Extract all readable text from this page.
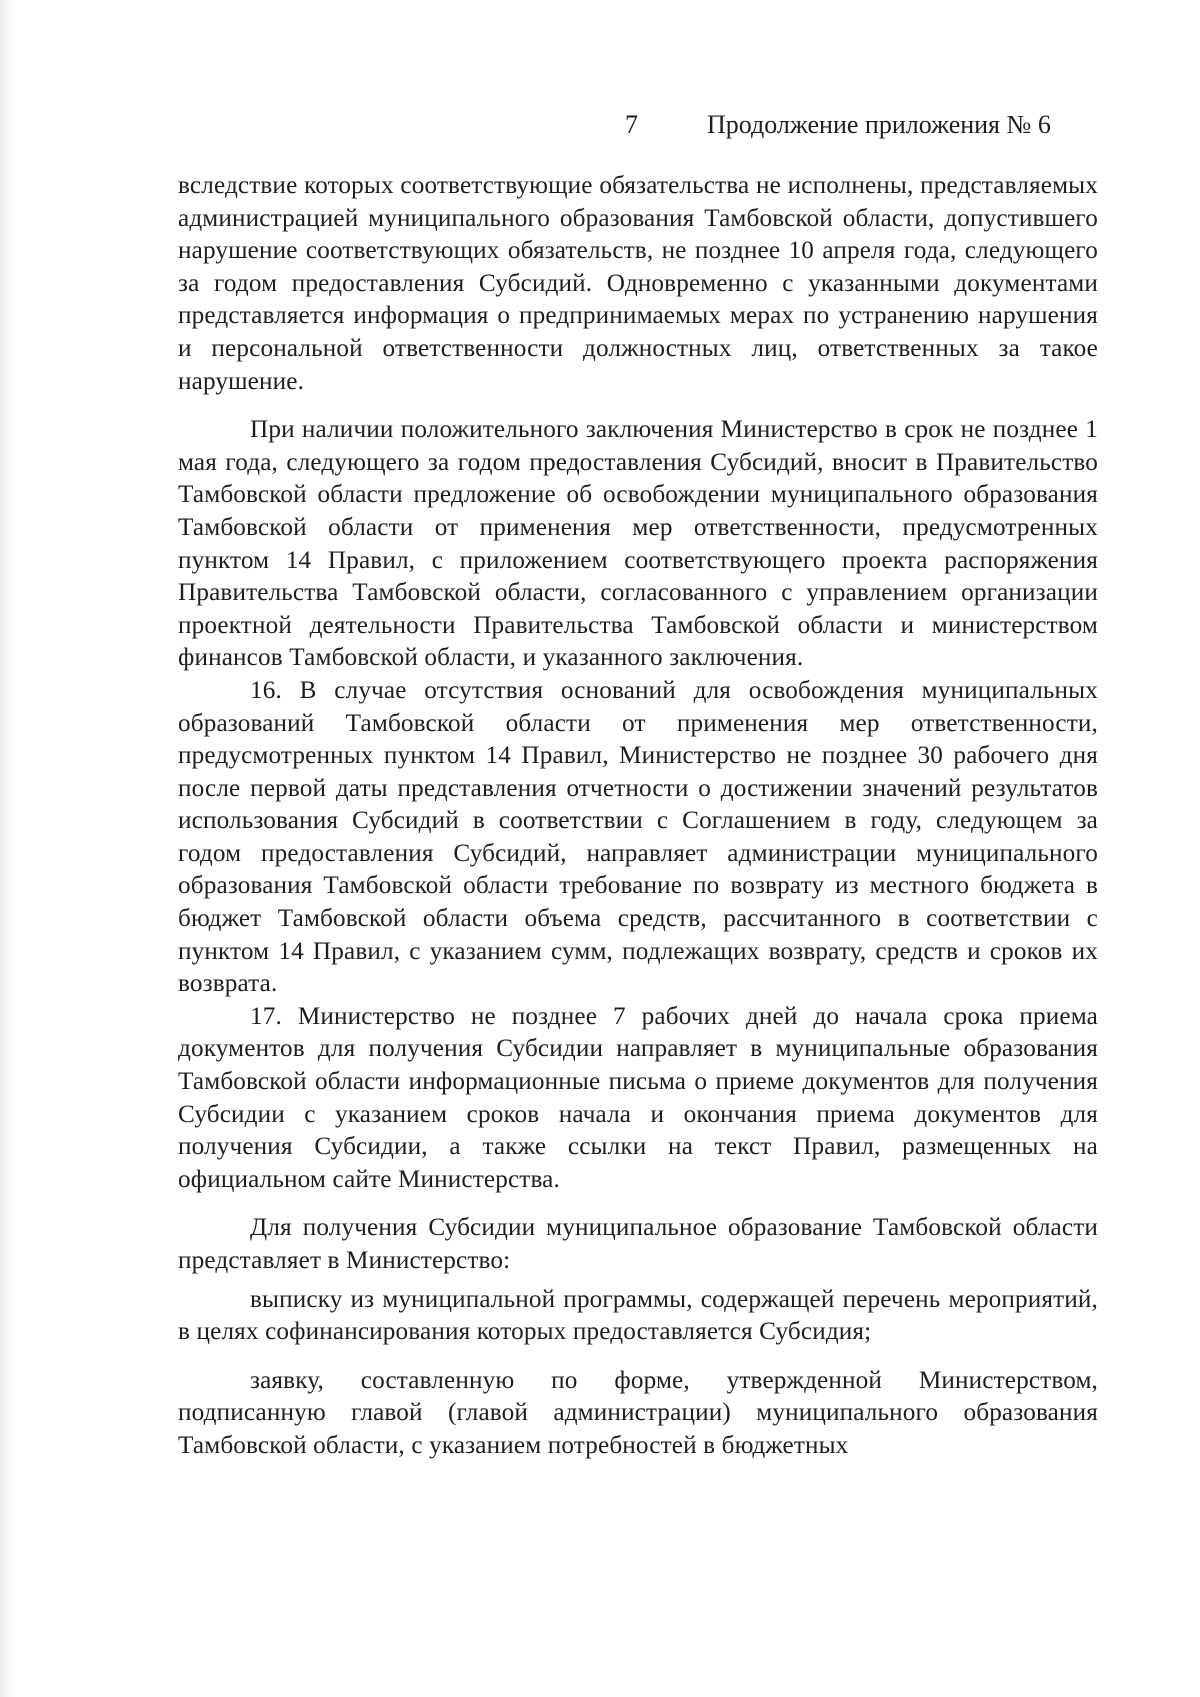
7	Продолжение приложения № 6

вследствие которых соответствующие обязательства не исполнены, представляемых администрацией муниципального образования Тамбовской области, допустившего нарушение соответствующих обязательств, не позднее 10 апреля года, следующего за годом предоставления Субсидий. Одновременно с указанными документами представляется информация о предпринимаемых мерах по устранению нарушения и персональной ответственности должностных лиц, ответственных за такое нарушение.

При наличии положительного заключения Министерство в срок не позднее 1 мая года, следующего за годом предоставления Субсидий, вносит в Правительство Тамбовской области предложение об освобождении муниципального образования Тамбовской области от применения мер ответственности, предусмотренных пунктом 14 Правил, с приложением соответствующего проекта распоряжения Правительства Тамбовской области, согласованного с управлением организации проектной деятельности Правительства Тамбовской области и министерством финансов Тамбовской области, и указанного заключения.

16. В случае отсутствия оснований для освобождения муниципальных образований Тамбовской области от применения мер ответственности, предусмотренных пунктом 14 Правил, Министерство не позднее 30 рабочего дня после первой даты представления отчетности о достижении значений результатов использования Субсидий в соответствии с Соглашением в году, следующем за годом предоставления Субсидий, направляет администрации муниципального образования Тамбовской области требование по возврату из местного бюджета в бюджет Тамбовской области объема средств, рассчитанного в соответствии с пунктом 14 Правил, с указанием сумм, подлежащих возврату, средств и сроков их возврата.

17. Министерство не позднее 7 рабочих дней до начала срока приема документов для получения Субсидии направляет в муниципальные образования Тамбовской области информационные письма о приеме документов для получения Субсидии с указанием сроков начала и окончания приема документов для получения Субсидии, а также ссылки на текст Правил, размещенных на официальном сайте Министерства.

Для получения Субсидии муниципальное образование Тамбовской области представляет в Министерство:

выписку из муниципальной программы, содержащей перечень мероприятий, в целях софинансирования которых предоставляется Субсидия;

заявку, составленную по форме, утвержденной Министерством, подписанную главой (главой администрации) муниципального образования Тамбовской области, с указанием потребностей в бюджетных
